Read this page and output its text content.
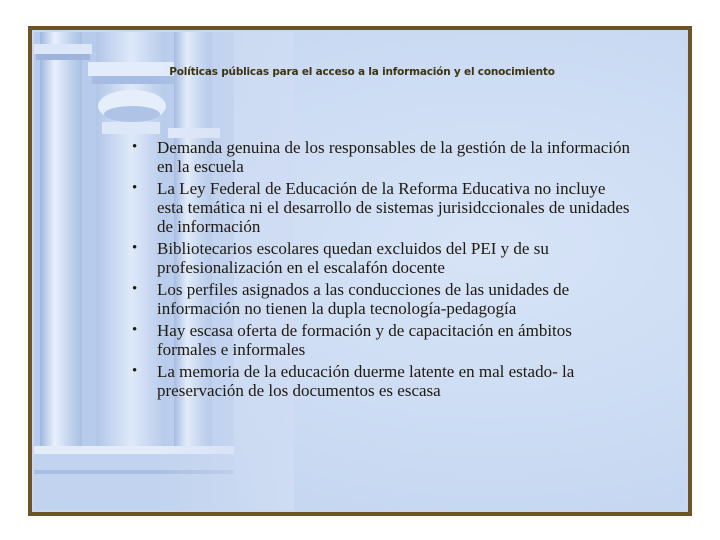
Políticas públicas para el acceso a la información y el conocimiento
• Demanda genuina de los responsables de la gestión de la información en la escuela
• La Ley Federal de Educación de la Reforma Educativa no incluye esta temática ni el desarrollo de sistemas jurisidccionales de unidades de información
• Bibliotecarios escolares quedan excluidos del PEI y de su profesionalización en el escalafón docente
• Los perfiles asignados a las conducciones de las unidades de información no tienen la dupla tecnología-pedagogía
• Hay escasa oferta de formación y de capacitación en ámbitos formales e informales
• La memoria de la educación duerme latente en mal estado- la preservación de los documentos es escasa
